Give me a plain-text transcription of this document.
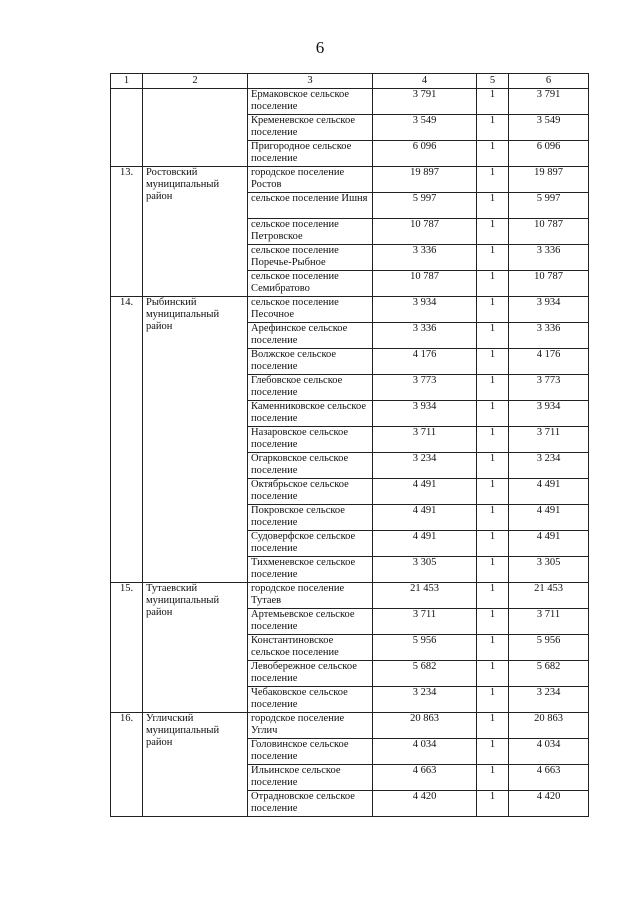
6
1	2	3	4	5	6
		Ермаковское сельское поселение	3 791	1	3 791
		Кременевское сельское поселение	3 549	1	3 549
		Пригородное сельское поселение	6 096	1	6 096
13.	Ростовский муниципальный район	городское поселение Ростов	19 897	1	19 897
		сельское поселение Ишня	5 997	1	5 997
		сельское поселение Петровское	10 787	1	10 787
		сельское поселение Поречье-Рыбное	3 336	1	3 336
		сельское поселение Семибратово	10 787	1	10 787
14.	Рыбинский муниципальный район	сельское поселение Песочное	3 934	1	3 934
		Арефинское сельское поселение	3 336	1	3 336
		Волжское сельское поселение	4 176	1	4 176
		Глебовское сельское поселение	3 773	1	3 773
		Каменниковское сельское поселение	3 934	1	3 934
		Назаровское сельское поселение	3 711	1	3 711
		Огарковское сельское поселение	3 234	1	3 234
		Октябрьское сельское поселение	4 491	1	4 491
		Покровское сельское поселение	4 491	1	4 491
		Судоверфское сельское поселение	4 491	1	4 491
		Тихменевское сельское поселение	3 305	1	3 305
15.	Тутаевский муниципальный район	городское поселение Тутаев	21 453	1	21 453
		Артемьевское сельское поселение	3 711	1	3 711
		Константиновское сельское поселение	5 956	1	5 956
		Левобережное сельское поселение	5 682	1	5 682
		Чебаковское сельское поселение	3 234	1	3 234
16.	Угличский муниципальный район	городское поселение Углич	20 863	1	20 863
		Головинское сельское поселение	4 034	1	4 034
		Ильинское сельское поселение	4 663	1	4 663
		Отрадновское сельское поселение	4 420	1	4 420
